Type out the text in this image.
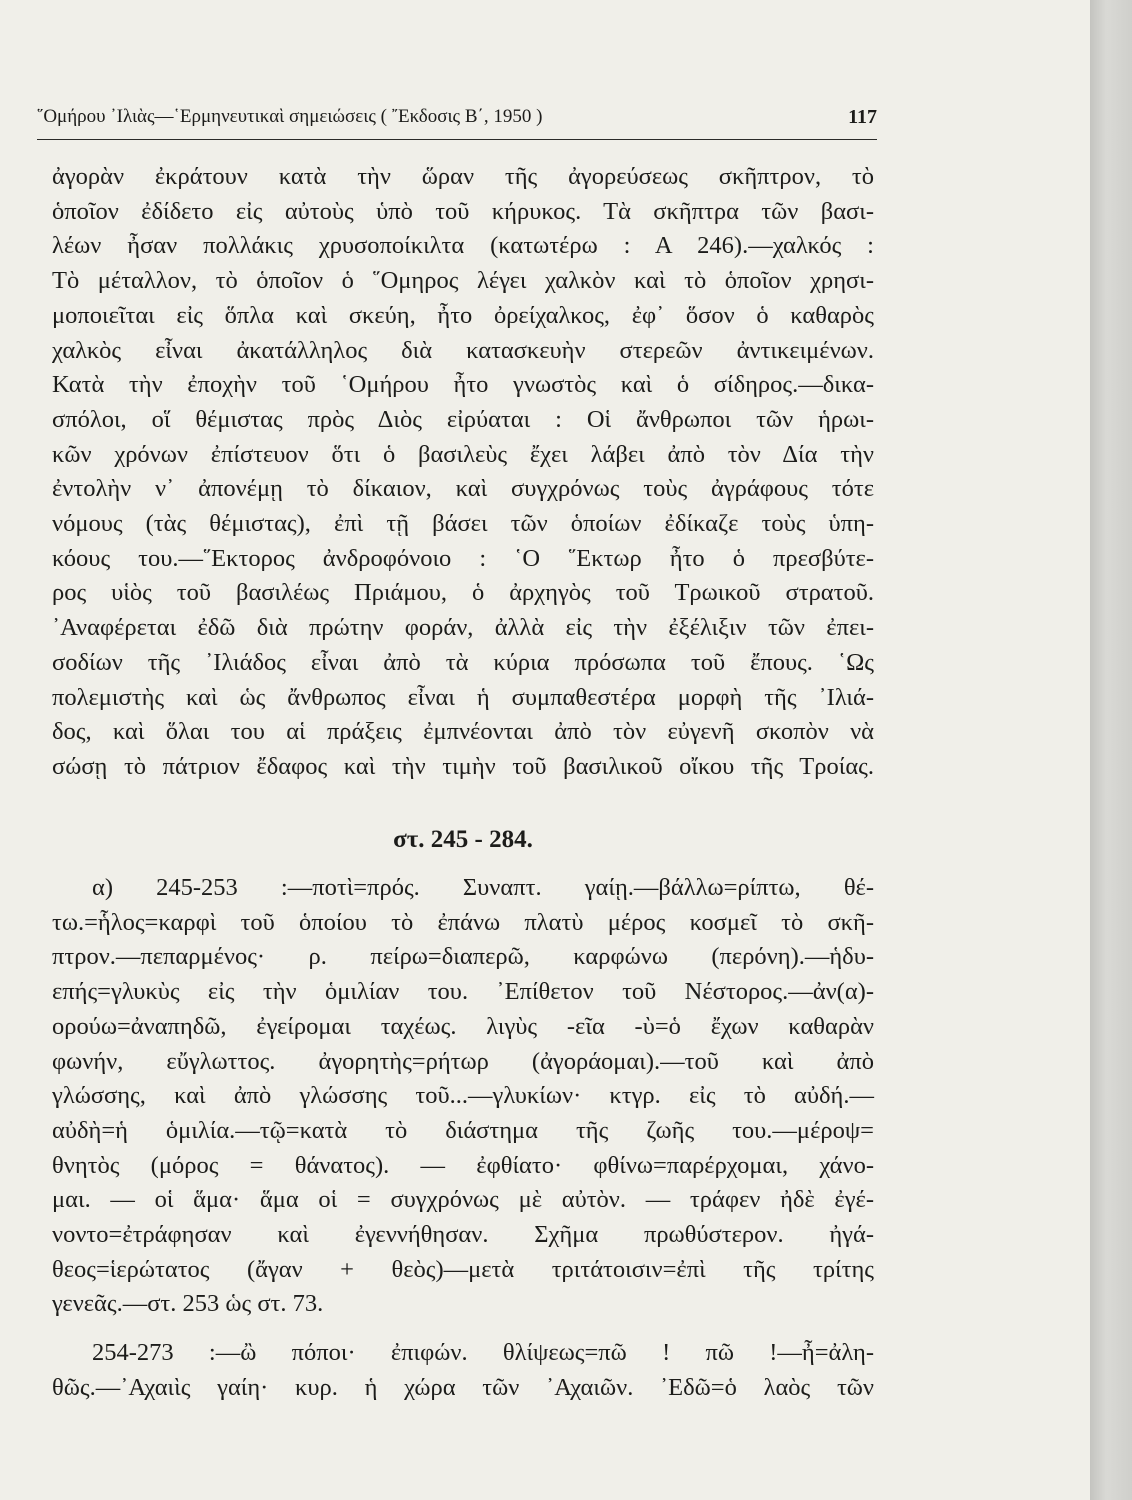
῞Ομήρου ᾿Ιλιὰς—῾Ερμηνευτικαὶ σημειώσεις ( ῎Εκδοσις Β΄, 1950 )	117
ἀγορὰν ἐκράτουν κατὰ τὴν ὥραν τῆς ἀγορεύσεως σκῆπτρον, τὸ
ὁποῖον ἐδίδετο εἰς αὐτοὺς ὑπὸ τοῦ κήρυκος. Τὰ σκῆπτρα τῶν βασι-
λέων ἦσαν πολλάκις χρυσοποίκιλτα (κατωτέρω : Α 246).—χαλκός :
Τὸ μέταλλον, τὸ ὁποῖον ὁ ῞Ομηρος λέγει χαλκὸν καὶ τὸ ὁποῖον χρησι-
μοποιεῖται εἰς ὅπλα καὶ σκεύη, ἦτο ὀρείχαλκος, ἐφ᾿ ὅσον ὁ καθαρὸς
χαλκὸς εἶναι ἀκατάλληλος διὰ κατασκευὴν στερεῶν ἀντικειμένων.
Κατὰ τὴν ἐποχὴν τοῦ ῾Ομήρου ἦτο γνωστὸς καὶ ὁ σίδηρος.—δικα-
σπόλοι, οἵ θέμιστας πρὸς Διὸς εἰρύαται : Οἱ ἄνθρωποι τῶν ἡρωι-
κῶν χρόνων ἐπίστευον ὅτι ὁ βασιλεὺς ἔχει λάβει ἀπὸ τὸν Δία τὴν
ἐντολὴν ν᾿ ἀπονέμῃ τὸ δίκαιον, καὶ συγχρόνως τοὺς ἀγράφους τότε
νόμους (τὰς θέμιστας), ἐπὶ τῇ βάσει τῶν ὁποίων ἐδίκαζε τοὺς ὑπη-
κόους του.—῞Εκτορος ἀνδροφόνοιο : ῾Ο ῞Εκτωρ ἦτο ὁ πρεσβύτε-
ρος υἱὸς τοῦ βασιλέως Πριάμου, ὁ ἀρχηγὸς τοῦ Τρωικοῦ στρατοῦ.
᾿Αναφέρεται ἐδῶ διὰ πρώτην φοράν, ἀλλὰ εἰς τὴν ἐξέλιξιν τῶν ἐπει-
σοδίων τῆς ᾿Ιλιάδος εἶναι ἀπὸ τὰ κύρια πρόσωπα τοῦ ἔπους. ῾Ως
πολεμιστὴς καὶ ὡς ἄνθρωπος εἶναι ἡ συμπαθεστέρα μορφὴ τῆς ᾿Ιλιά-
δος, καὶ ὅλαι του αἱ πράξεις ἐμπνέονται ἀπὸ τὸν εὐγενῆ σκοπὸν νὰ
σώσῃ τὸ πάτριον ἔδαφος καὶ τὴν τιμὴν τοῦ βασιλικοῦ οἴκου τῆς Τροίας.
στ. 245 - 284.
α) 245-253 :—ποτὶ=πρός. Συναπτ. γαίῃ.—βάλλω=ρίπτω, θέ-
τω.=ἧλος=καρφὶ τοῦ ὁποίου τὸ ἐπάνω πλατὺ μέρος κοσμεῖ τὸ σκῆ-
πτρον.—πεπαρμένος· ρ. πείρω=διαπερῶ, καρφώνω (περόνη).—ἡδυ-
επής=γλυκὺς εἰς τὴν ὁμιλίαν του. ᾿Επίθετον τοῦ Νέστορος.—ἀν(α)-
ορούω=ἀναπηδῶ, ἐγείρομαι ταχέως. λιγὺς -εῖα -ὺ=ὁ ἔχων καθαρὰν
φωνήν, εὔγλωττος. ἀγορητὴς=ρήτωρ (ἀγοράομαι).—τοῦ καὶ ἀπὸ
γλώσσης, καὶ ἀπὸ γλώσσης τοῦ...—γλυκίων· κτγρ. εἰς τὸ αὐδή.—
αὐδὴ=ἡ ὁμιλία.—τῷ=κατὰ τὸ διάστημα τῆς ζωῆς του.—μέροψ=
θνητὸς (μόρος = θάνατος). — ἐφθίατο· φθίνω=παρέρχομαι, χάνο-
μαι. — οἱ ἅμα· ἅμα οἱ = συγχρόνως μὲ αὐτὸν. — τράφεν ἠδὲ ἐγέ-
νοντο=ἐτράφησαν καὶ ἐγεννήθησαν. Σχῆμα πρωθύστερον. ἠγά-
θεος=ἱερώτατος (ἄγαν + θεὸς)—μετὰ τριτάτοισιν=ἐπὶ τῆς τρίτης
γενεᾶς.—στ. 253 ὡς στ. 73.
254-273 :—ὢ πόποι· ἐπιφών. θλίψεως=πῶ ! πῶ !—ἦ=ἀλη-
θῶς.—᾿Αχαιὶς γαίη· κυρ. ἡ χώρα τῶν ᾿Αχαιῶν. ᾿Εδῶ=ὁ λαὸς τῶν
